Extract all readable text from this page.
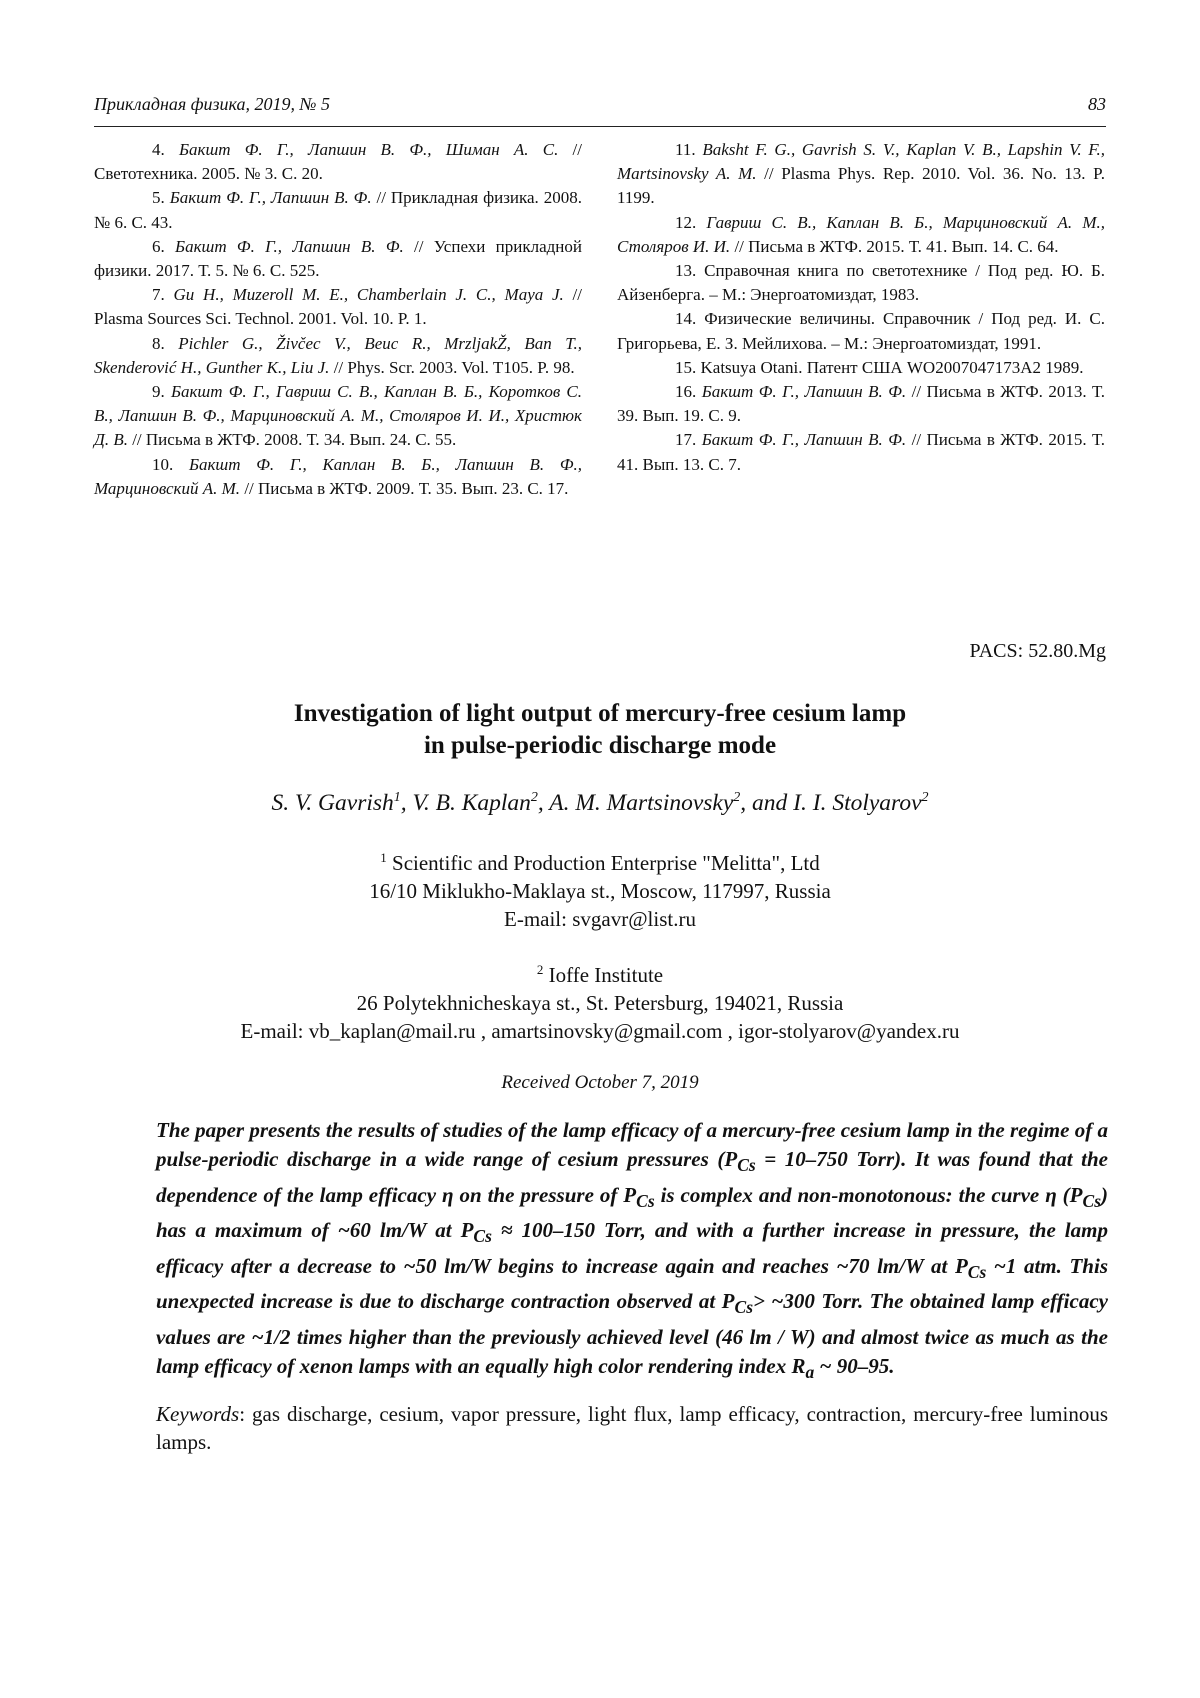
Прикладная физика, 2019, № 5	83

4. Бакшт Ф. Г., Лапшин В. Ф., Шиман А. С. // Светотехника. 2005. № 3. С. 20.

5. Бакшт Ф. Г., Лапшин В. Ф. // Прикладная физика. 2008. № 6. С. 43.

6. Бакшт Ф. Г., Лапшин В. Ф. // Успехи прикладной физики. 2017. Т. 5. № 6. С. 525.

7. Gu H., Muzeroll M. E., Chamberlain J. C., Maya J. // Plasma Sources Sci. Technol. 2001. Vol. 10. P. 1.

8. Pichler G., Živčec V., Beuc R., MrzljakŽ, Ban T., Skenderović H., Gunther K., Liu J. // Phys. Scr. 2003. Vol. T105. P. 98.

9. Бакшт Ф. Г., Гавриш С. В., Каплан В. Б., Коротков С. В., Лапшин В. Ф., Марциновский А. М., Столяров И. И., Христюк Д. В. // Письма в ЖТФ. 2008. Т. 34. Вып. 24. С. 55.

10. Бакшт Ф. Г., Каплан В. Б., Лапшин В. Ф., Марциновский А. М. // Письма в ЖТФ. 2009. Т. 35. Вып. 23. С. 17.

11. Baksht F. G., Gavrish S. V., Kaplan V. B., Lapshin V. F., Martsinovsky A. M. // Plasma Phys. Rep. 2010. Vol. 36. No. 13. P. 1199.

12. Гавриш С. В., Каплан В. Б., Марциновский А. М., Столяров И. И. // Письма в ЖТФ. 2015. Т. 41. Вып. 14. С. 64.

13. Справочная книга по светотехнике / Под ред. Ю. Б. Айзенберга. – М.: Энергоатомиздат, 1983.

14. Физические величины. Справочник / Под ред. И. С. Григорьева, Е. З. Мейлихова. – М.: Энергоатомиздат, 1991.

15. Katsuya Otani. Патент США WO2007047173A2 1989.

16. Бакшт Ф. Г., Лапшин В. Ф. // Письма в ЖТФ. 2013. Т. 39. Вып. 19. С. 9.

17. Бакшт Ф. Г., Лапшин В. Ф. // Письма в ЖТФ. 2015. Т. 41. Вып. 13. С. 7.

PACS: 52.80.Mg
Investigation of light output of mercury-free cesium lamp
in pulse-periodic discharge mode
S. V. Gavrish$^1$, V. B. Kaplan$^2$, A. M. Martsinovsky$^2$, and I. I. Stolyarov$^2$
$^1$ Scientific and Production Enterprise "Melitta", Ltd
16/10 Miklukho-Maklaya st., Moscow, 117997, Russia
E-mail: svgavr@list.ru
$^2$ Ioffe Institute
26 Polytekhnicheskaya st., St. Petersburg, 194021, Russia
E-mail: vb_kaplan@mail.ru , amartsinovsky@gmail.com , igor-stolyarov@yandex.ru
Received October 7, 2019
The paper presents the results of studies of the lamp efficacy of a mercury-free cesium lamp in the regime of a pulse-periodic discharge in a wide range of cesium pressures ($P_{Cs} = 10-750$ Torr). It was found that the dependence of the lamp efficacy η on the pressure of $P_{Cs}$ is complex and non-monotonous: the curve η $(P_{Cs})$ has a maximum of ~60 lm/W at $P_{Cs} \approx 100-150$ Torr, and with a further increase in pressure, the lamp efficacy after a decrease to ~50 lm/W begins to increase again and reaches ~70 lm/W at $P_{Cs}$ ~1 atm. This unexpected increase is due to discharge contraction observed at $P_{Cs}>$ ~300 Torr. The obtained lamp efficacy values are ~1/2 times higher than the previously achieved level (46 lm / W) and almost twice as much as the lamp efficacy of xenon lamps with an equally high color rendering index $R_a$ ~ 90–95.
Keywords: gas discharge, cesium, vapor pressure, light flux, lamp efficacy, contraction, mercury-free luminous lamps.
